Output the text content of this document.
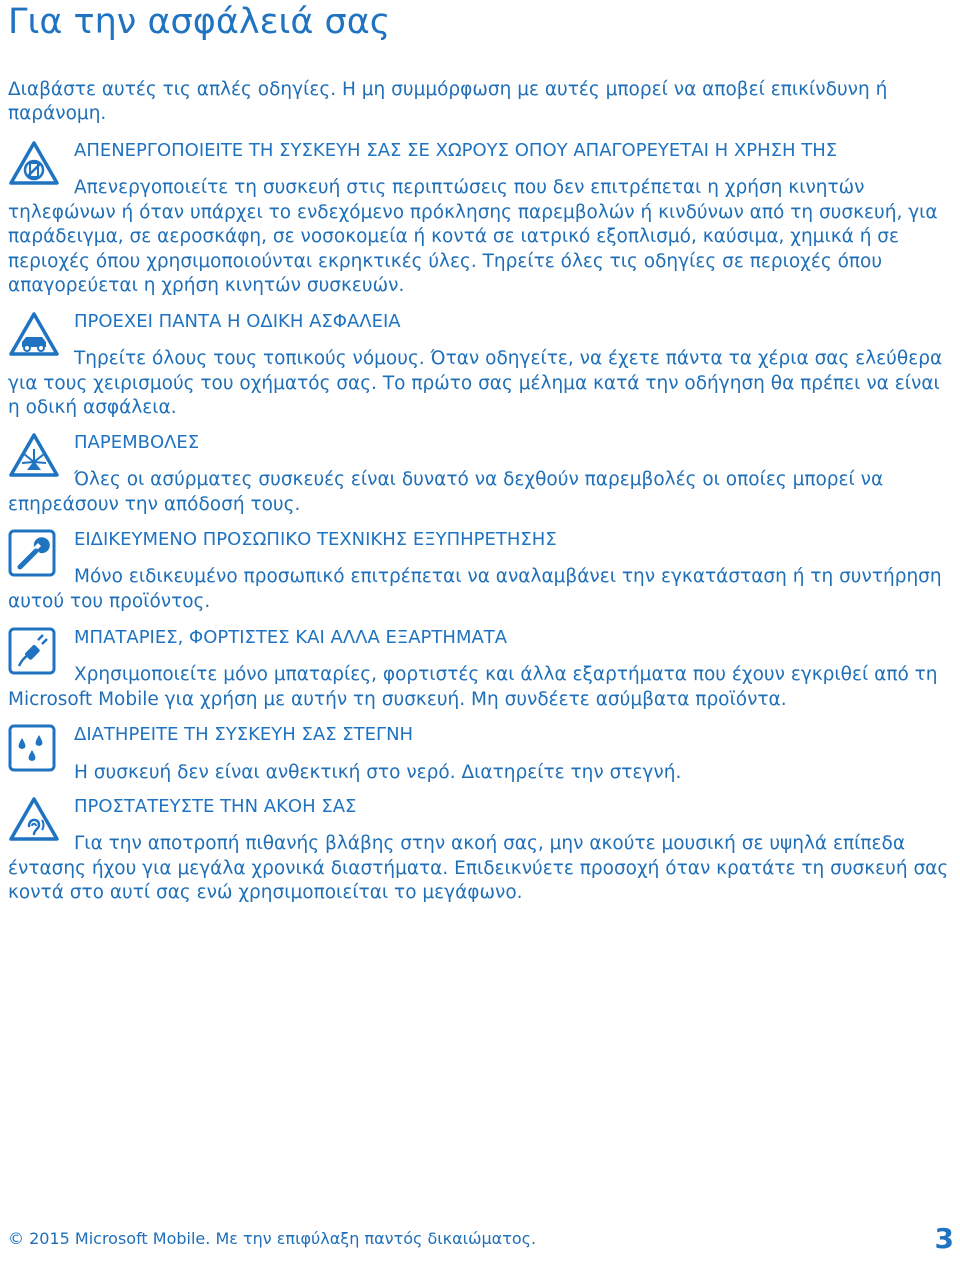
Για την ασφάλειά σας
Διαβάστε αυτές τις απλές οδηγίες. Η μη συμμόρφωση με αυτές μπορεί να αποβεί επικίνδυνη ή παράνομη.
ΑΠΕΝΕΡΓΟΠΟΙΕΙΤΕ ΤΗ ΣΥΣΚΕΥΗ ΣΑΣ ΣΕ ΧΩΡΟΥΣ ΟΠΟΥ ΑΠΑΓΟΡΕΥΕΤΑΙ Η ΧΡΗΣΗ ΤΗΣ
Απενεργοποιείτε τη συσκευή στις περιπτώσεις που δεν επιτρέπεται η χρήση κινητών τηλεφώνων ή όταν υπάρχει το ενδεχόμενο πρόκλησης παρεμβολών ή κινδύνων από τη συσκευή, για παράδειγμα, σε αεροσκάφη, σε νοσοκομεία ή κοντά σε ιατρικό εξοπλισμό, καύσιμα, χημικά ή σε περιοχές όπου χρησιμοποιούνται εκρηκτικές ύλες. Τηρείτε όλες τις οδηγίες σε περιοχές όπου απαγορεύεται η χρήση κινητών συσκευών.
ΠΡΟΕΧΕΙ ΠΑΝΤΑ Η ΟΔΙΚΗ ΑΣΦΑΛΕΙΑ
Τηρείτε όλους τους τοπικούς νόμους. Όταν οδηγείτε, να έχετε πάντα τα χέρια σας ελεύθερα για τους χειρισμούς του οχήματός σας. Το πρώτο σας μέλημα κατά την οδήγηση θα πρέπει να είναι η οδική ασφάλεια.
ΠΑΡΕΜΒΟΛΕΣ
Όλες οι ασύρματες συσκευές είναι δυνατό να δεχθούν παρεμβολές οι οποίες μπορεί να επηρεάσουν την απόδοσή τους.
ΕΙΔΙΚΕΥΜΕΝΟ ΠΡΟΣΩΠΙΚΟ ΤΕΧΝΙΚΗΣ ΕΞΥΠΗΡΕΤΗΣΗΣ
Μόνο ειδικευμένο προσωπικό επιτρέπεται να αναλαμβάνει την εγκατάσταση ή τη συντήρηση αυτού του προϊόντος.
ΜΠΑΤΑΡΙΕΣ, ΦΟΡΤΙΣΤΕΣ ΚΑΙ ΑΛΛΑ ΕΞΑΡΤΗΜΑΤΑ
Χρησιμοποιείτε μόνο μπαταρίες, φορτιστές και άλλα εξαρτήματα που έχουν εγκριθεί από τη Microsoft Mobile για χρήση με αυτήν τη συσκευή. Μη συνδέετε ασύμβατα προϊόντα.
ΔΙΑΤΗΡΕΙΤΕ ΤΗ ΣΥΣΚΕΥΗ ΣΑΣ ΣΤΕΓΝΗ
Η συσκευή δεν είναι ανθεκτική στο νερό. Διατηρείτε την στεγνή.
ΠΡΟΣΤΑΤΕΥΣΤΕ ΤΗΝ ΑΚΟΗ ΣΑΣ
Για την αποτροπή πιθανής βλάβης στην ακοή σας, μην ακούτε μουσική σε υψηλά επίπεδα έντασης ήχου για μεγάλα χρονικά διαστήματα. Επιδεικνύετε προσοχή όταν κρατάτε τη συσκευή σας κοντά στο αυτί σας ενώ χρησιμοποιείται το μεγάφωνο.
© 2015 Microsoft Mobile. Με την επιφύλαξη παντός δικαιώματος.	3
